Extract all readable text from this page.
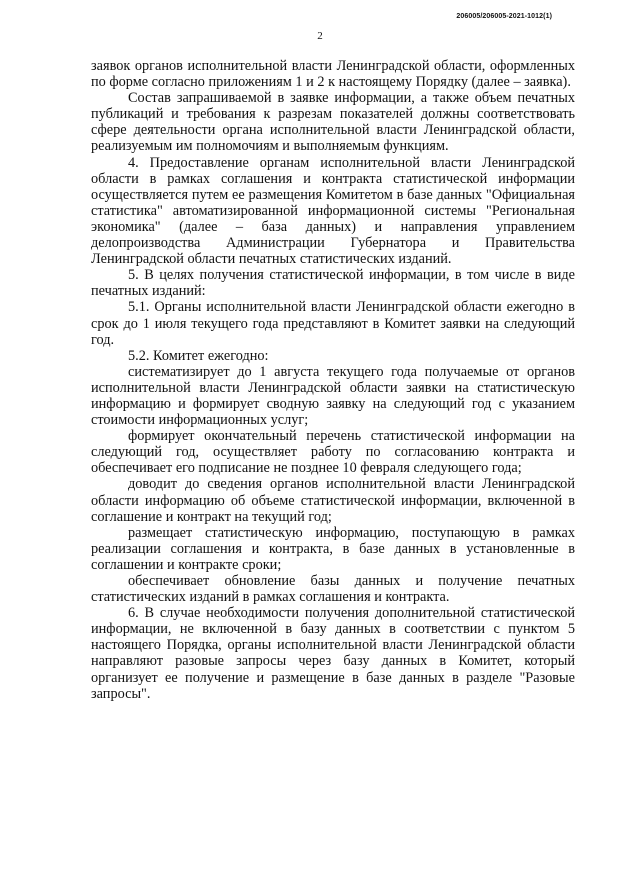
206005/206005-2021-1012(1)
2

заявок органов исполнительной власти Ленинградской области, оформленных по форме согласно приложениям 1 и 2 к настоящему Порядку (далее – заявка).

Состав запрашиваемой в заявке информации, а также объем печатных публикаций и требования к разрезам показателей должны соответствовать сфере деятельности органа исполнительной власти Ленинградской области, реализуемым им полномочиям и выполняемым функциям.

4. Предоставление органам исполнительной власти Ленинградской области в рамках соглашения и контракта статистической информации осуществляется путем ее размещения Комитетом в базе данных "Официальная статистика" автоматизированной информационной системы "Региональная экономика" (далее – база данных) и направления управлением делопроизводства Администрации Губернатора и Правительства Ленинградской области печатных статистических изданий.

5. В целях получения статистической информации, в том числе в виде печатных изданий:

5.1. Органы исполнительной власти Ленинградской области ежегодно в срок до 1 июля текущего года представляют в Комитет заявки на следующий год.

5.2. Комитет ежегодно:

систематизирует до 1 августа текущего года получаемые от органов исполнительной власти Ленинградской области заявки на статистическую информацию и формирует сводную заявку на следующий год с указанием стоимости информационных услуг;

формирует окончательный перечень статистической информации на следующий год, осуществляет работу по согласованию контракта и обеспечивает его подписание не позднее 10 февраля следующего года;

доводит до сведения органов исполнительной власти Ленинградской области информацию об объеме статистической информации, включенной в соглашение и контракт на текущий год;

размещает статистическую информацию, поступающую в рамках реализации соглашения и контракта, в базе данных в установленные в соглашении и контракте сроки;

обеспечивает обновление базы данных и получение печатных статистических изданий в рамках соглашения и контракта.

6. В случае необходимости получения дополнительной статистической информации, не включенной в базу данных в соответствии с пунктом 5 настоящего Порядка, органы исполнительной власти Ленинградской области направляют разовые запросы через базу данных в Комитет, который организует ее получение и размещение в базе данных в разделе "Разовые запросы".
